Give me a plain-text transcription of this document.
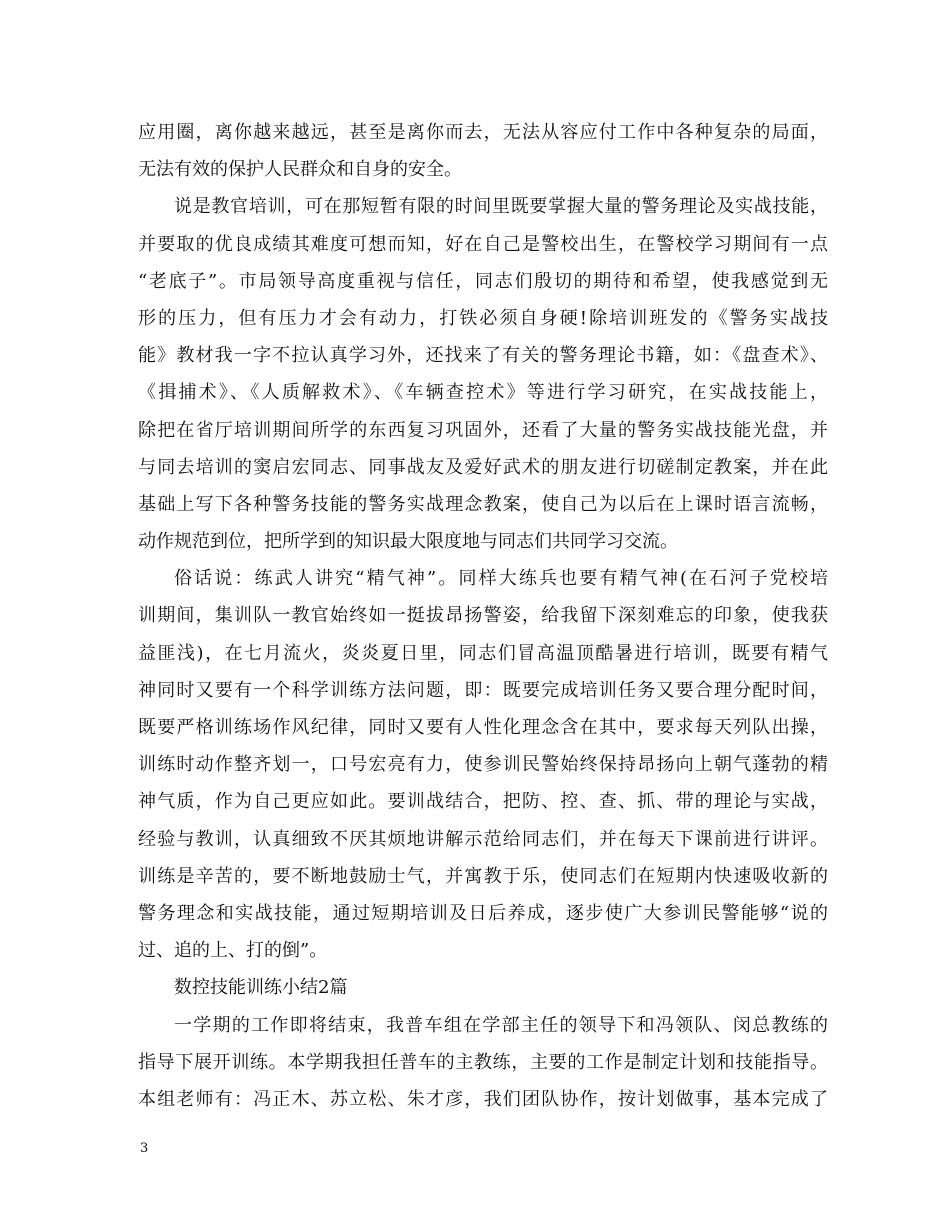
应用圈，离你越来越远，甚至是离你而去，无法从容应付工作中各种复杂的局面，
无法有效的保护人民群众和自身的安全。
说是教官培训，可在那短暂有限的时间里既要掌握大量的警务理论及实战技能，
并要取的优良成绩其难度可想而知，好在自己是警校出生，在警校学习期间有一点
“老底子”。市局领导高度重视与信任，同志们殷切的期待和希望，使我感觉到无
形的压力，但有压力才会有动力，打铁必须自身硬!除培训班发的《警务实战技
能》教材我一字不拉认真学习外，还找来了有关的警务理论书籍，如：《盘查术》、
《揖捕术》、《人质解救术》、《车辆查控术》等进行学习研究，在实战技能上，
除把在省厅培训期间所学的东西复习巩固外，还看了大量的警务实战技能光盘，并
与同去培训的窦启宏同志、同事战友及爱好武术的朋友进行切磋制定教案，并在此
基础上写下各种警务技能的警务实战理念教案，使自己为以后在上课时语言流畅，
动作规范到位，把所学到的知识最大限度地与同志们共同学习交流。
俗话说：练武人讲究“精气神”。同样大练兵也要有精气神(在石河子党校培
训期间，集训队一教官始终如一挺拔昂扬警姿，给我留下深刻难忘的印象，使我获
益匪浅)，在七月流火，炎炎夏日里，同志们冒高温顶酷暑进行培训，既要有精气
神同时又要有一个科学训练方法问题，即：既要完成培训任务又要合理分配时间，
既要严格训练场作风纪律，同时又要有人性化理念含在其中，要求每天列队出操，
训练时动作整齐划一，口号宏亮有力，使参训民警始终保持昂扬向上朝气蓬勃的精
神气质，作为自己更应如此。要训战结合，把防、控、查、抓、带的理论与实战，
经验与教训，认真细致不厌其烦地讲解示范给同志们，并在每天下课前进行讲评。
训练是辛苦的，要不断地鼓励士气，并寓教于乐，使同志们在短期内快速吸收新的
警务理念和实战技能，通过短期培训及日后养成，逐步使广大参训民警能够“说的
过、追的上、打的倒”。
数控技能训练小结2篇
一学期的工作即将结束，我普车组在学部主任的领导下和冯领队、闵总教练的
指导下展开训练。本学期我担任普车的主教练，主要的工作是制定计划和技能指导。
本组老师有：冯正木、苏立松、朱才彦，我们团队协作，按计划做事，基本完成了
3
